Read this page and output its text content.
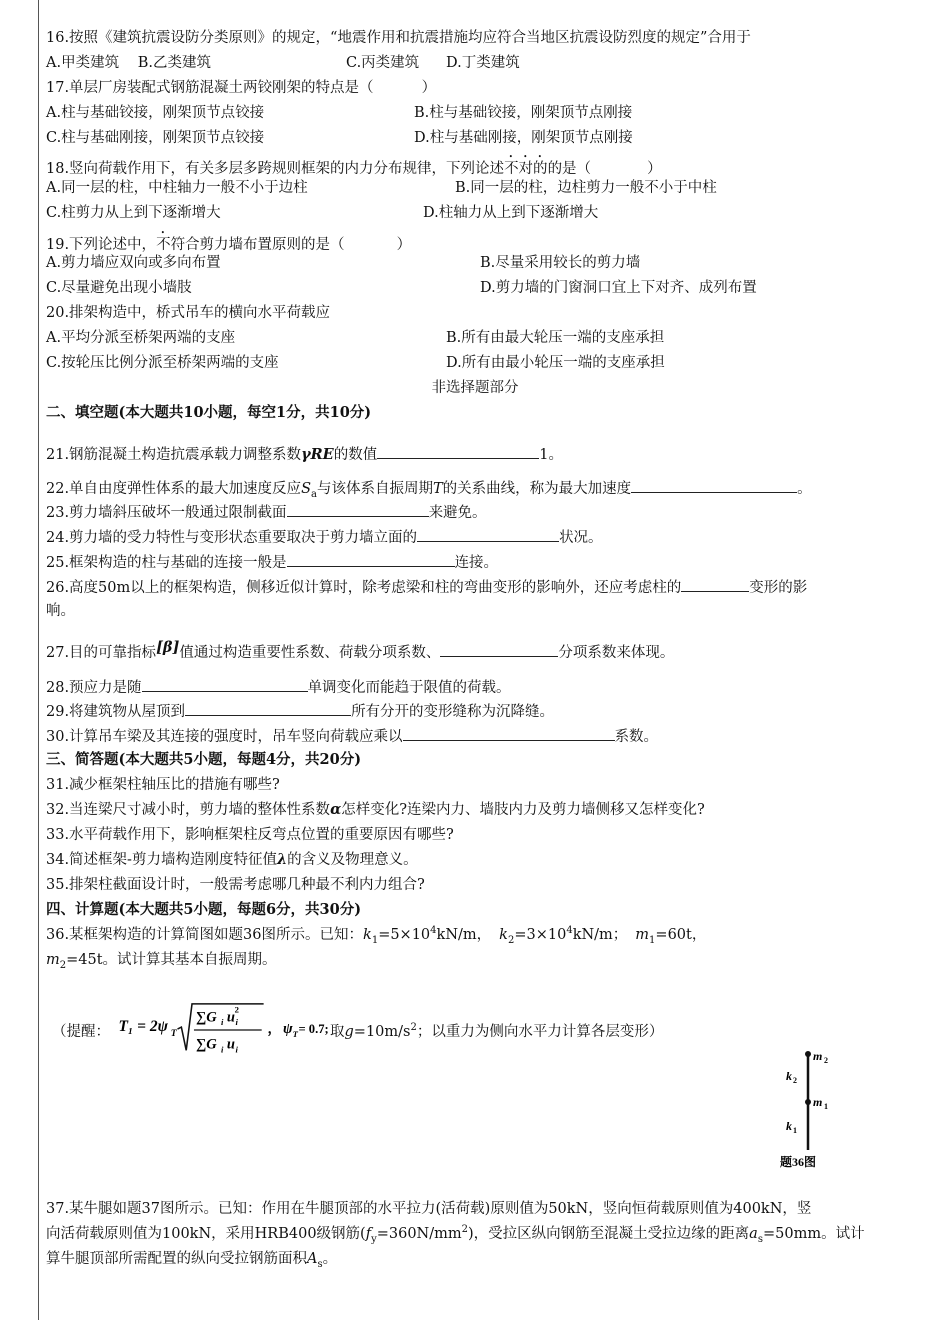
16.按照《建筑抗震设防分类原则》的规定，“地震作用和抗震措施均应符合当地区抗震设防烈度的规定”合用于
A.甲类建筑 B.乙类建筑	C.丙类建筑 D.丁类建筑
17.单层厂房装配式钢筋混凝土两铰刚架的特点是（	）
A.柱与基础铰接，刚架顶节点铰接	B.柱与基础铰接，刚架顶节点刚接
C.柱与基础刚接，刚架顶节点铰接	D.柱与基础刚接，刚架顶节点刚接
18.竖向荷载作用下，有关多层多跨规则框架的内力分布规律，下列论述不对的的是（	）
A.同一层的柱，中柱轴力一般不小于边柱	B.同一层的柱，边柱剪力一般不小于中柱
C.柱剪力从上到下逐渐增大	D.柱轴力从上到下逐渐增大
19.下列论述中，不符合剪力墙布置原则的是（	）
A.剪力墙应双向或多向布置	B.尽量采用较长的剪力墙
C.尽量避免出现小墙肢	D.剪力墙的门窗洞口宜上下对齐、成列布置
20.排架构造中，桥式吊车的横向水平荷载应
A.平均分派至桥架两端的支座	B.所有由最大轮压一端的支座承担
C.按轮压比例分派至桥架两端的支座	D.所有由最小轮压一端的支座承担
非选择题部分
二、填空题(本大题共10小题，每空1分，共10分)
21.钢筋混凝土构造抗震承载力调整系数γRE的数值	1。
22.单自由度弹性体系的最大加速度反应$S_a$与该体系自振周期T的关系曲线，称为最大加速度	。
23.剪力墙斜压破坏一般通过限制截面	来避免。
24.剪力墙的受力特性与变形状态重要取决于剪力墙立面的	状况。
25.框架构造的柱与基础的连接一般是	连接。
26.高度50m以上的框架构造，侧移近似计算时，除考虑梁和柱的弯曲变形的影响外，还应考虑柱的	变形的影
响。
27.目的可靠指标[β]值通过构造重要性系数、荷载分项系数、	分项系数来体现。
28.预应力是随	单调变化而能趋于限值的荷载。
29.将建筑物从屋顶到	所有分开的变形缝称为沉降缝。
30.计算吊车梁及其连接的强度时，吊车竖向荷载应乘以	系数。
三、简答题(本大题共5小题，每题4分，共20分)
31.减少框架柱轴压比的措施有哪些?
32.当连梁尺寸减小时，剪力墙的整体性系数α怎样变化?连梁内力、墙肢内力及剪力墙侧移又怎样变化?
33.水平荷载作用下，影响框架柱反弯点位置的重要原因有哪些?
34.简述框架-剪力墙构造刚度特征值λ的含义及物理意义。
35.排架柱截面设计时，一般需考虑哪几种最不利内力组合?
四、计算题(本大题共5小题，每题6分，共30分)
36.某框架构造的计算简图如题36图所示。已知：$k_1=5\times 10^4kN/m$， $k_2=3\times 10^4kN/m$； $m_1=60t$，
$m_2=45t$。试计算其基本自振周期。
（提醒： T₁ = 2ψ T
∑G i u 2
i
∑G i u i
， ψ T = 0.7; 取$g=10m/s^2$；以重力为侧向水平力计算各层变形）
m 2
m 1
k 2
k 1
题36图
37.某牛腿如题37图所示。已知：作用在牛腿顶部的水平拉力(活荷载)原则值为50kN，竖向恒荷载原则值为400kN，竖
向活荷载原则值为100kN，采用HRB400级钢筋$(f_y=360N/mm^2)$，受拉区纵向钢筋至混凝土受拉边缘的距离$a_s=50mm$。试计
算牛腿顶部所需配置的纵向受拉钢筋面积$A_s$。
